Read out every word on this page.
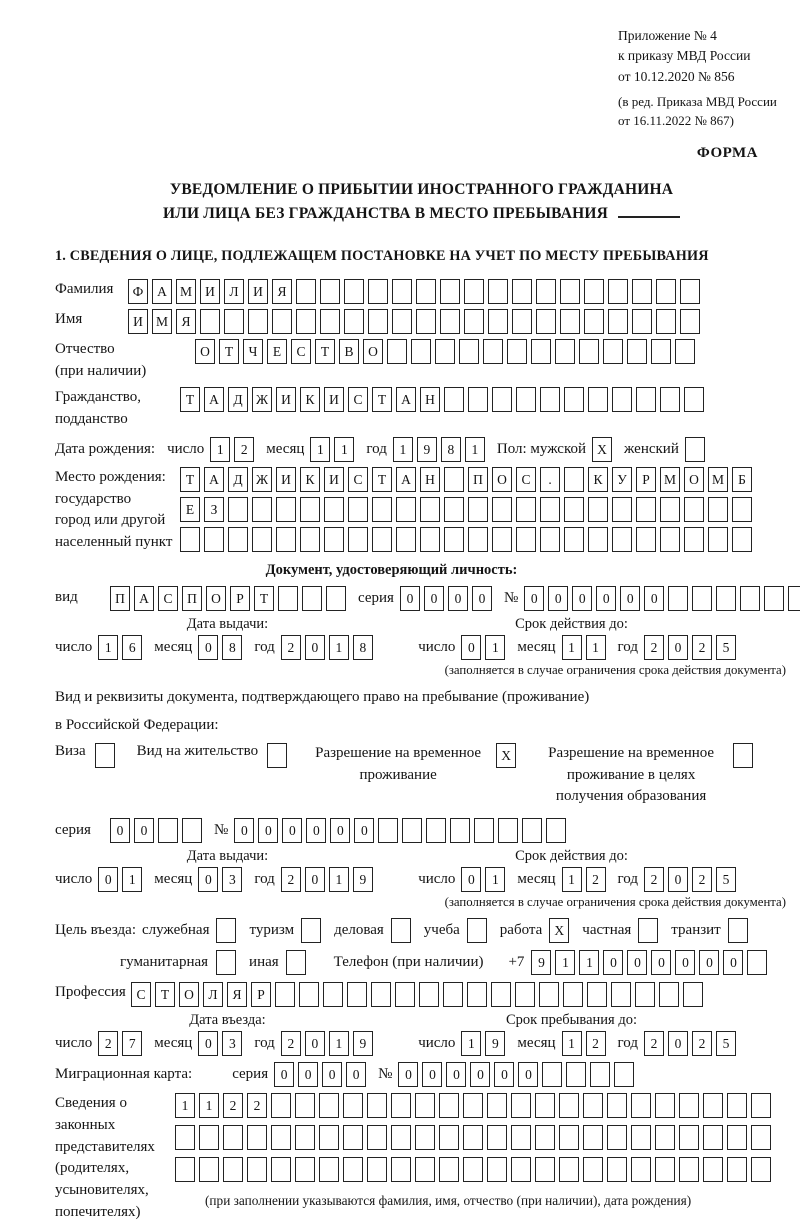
Приложение № 4
к приказу МВД России
от 10.12.2020 № 856
(в ред. Приказа МВД России
от 16.11.2022 № 867)
ФОРМА
УВЕДОМЛЕНИЕ О ПРИБЫТИИ ИНОСТРАННОГО ГРАЖДАНИНА
ИЛИ ЛИЦА БЕЗ ГРАЖДАНСТВА В МЕСТО ПРЕБЫВАНИЯ
1. СВЕДЕНИЯ О ЛИЦЕ, ПОДЛЕЖАЩЕМ ПОСТАНОВКЕ НА УЧЕТ ПО МЕСТУ ПРЕБЫВАНИЯ
Фамилия	Ф	А М И	Л	И	Я
Имя	И М Я
Отчество
(при наличии)
О	Т	Ч	Е	С	Т	В	О
Гражданство,
подданство
Т	А	Д Ж И	К	И	С	Т	А	Н
Дата рождения: число 1	2	месяц 1	1	год 1	9	8	1	Пол: мужской X	женский
Место рождения:
государство
город или другой
населенный пункт
Т	А	Д Ж И	К	И	С	Т	А	Н	П	О	С	.	К	У	Р	М О М	Б
Е	З
Документ, удостоверяющий личность:
вид	П	А	С	П	О	Р	Т	серия 0	0	0	0	№ 0	0	0	0	0	0
Дата выдачи:	Срок действия до:
число 1	6	месяц 0	8	год 2	0	1	8	число 0	1	месяц 1	1	год 2	0	2	5
(заполняется в случае ограничения срока действия документа)
Вид и реквизиты документа, подтверждающего право на пребывание (проживание)
в Российской Федерации:
Виза	Вид на жительство	Разрешение на временное проживание
X	Разрешение на временное проживание в целях получения образования
серия	0	0	№ 0	0	0	0	0	0
Дата выдачи:	Срок действия до:
число 0	1	месяц 0	3	год 2	0	1	9	число 0	1	месяц 1	2	год 2	0	2	5
(заполняется в случае ограничения срока действия документа)
Цель въезда: служебная	туризм	деловая	учеба	работа X	частная	транзит
гуманитарная	иная	Телефон (при наличии) +7	9	1	1	0	0	0	0	0	0
Профессия С	Т	О	Л	Я	Р
Дата въезда:	Срок пребывания до:
число 2	7	месяц 0	3	год 2	0	1	9	число 1	9	месяц 1	2	год 2	0	2	5
Миграционная карта:	серия 0	0	0	0	№ 0	0	0	0	0	0
Сведения о
законных
представителях
(родителях,
усыновителях,
попечителях)
1	1	2	2
(при заполнении указываются фамилия, имя, отчество (при наличии), дата рождения)
